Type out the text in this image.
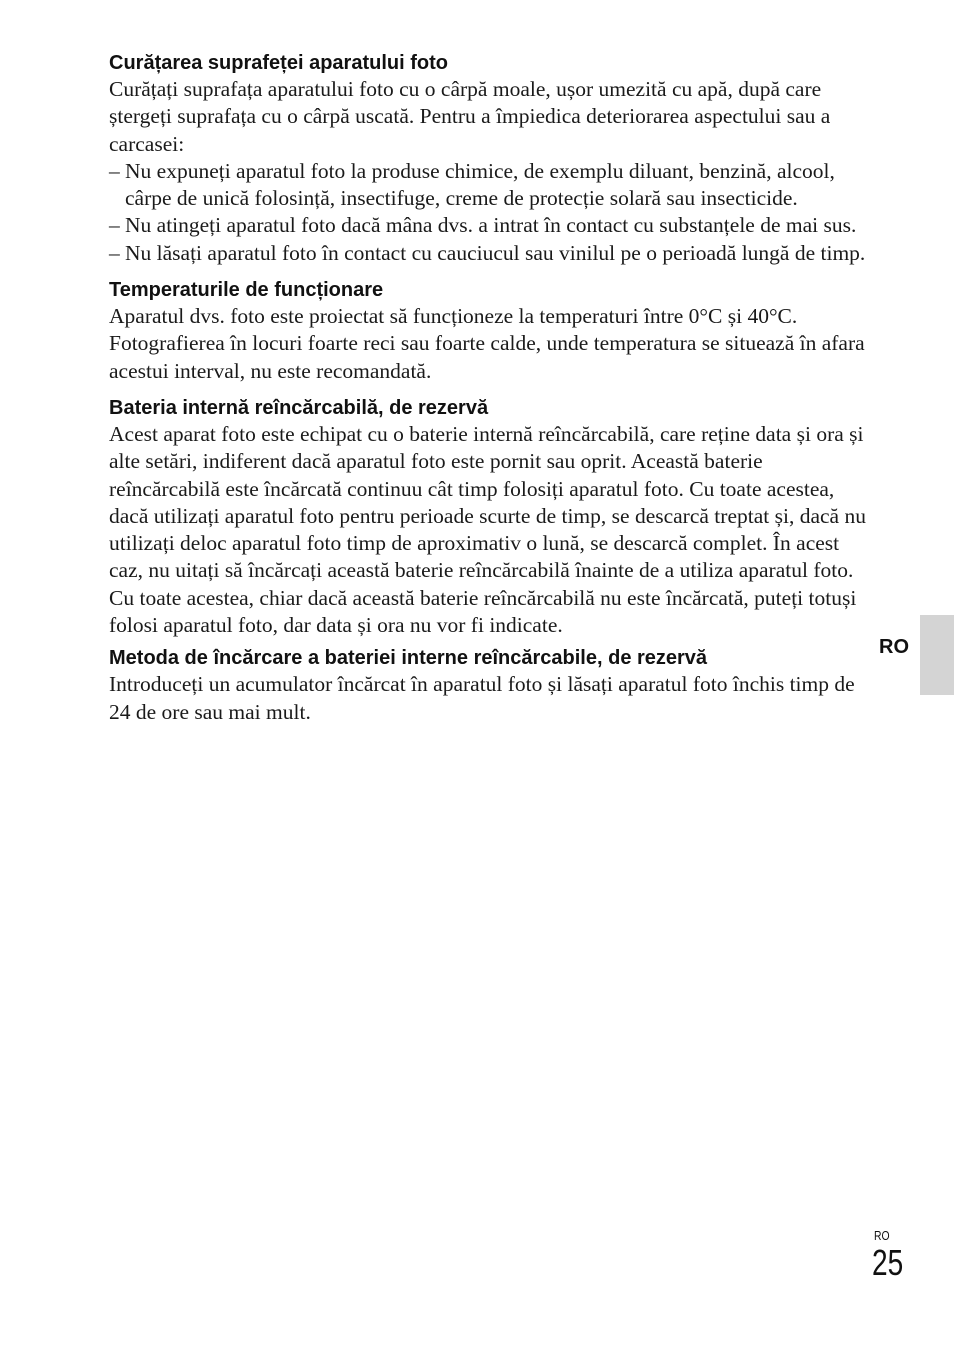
Curățarea suprafeței aparatului foto

Curățați suprafața aparatului foto cu o cârpă moale, ușor umezită cu apă, după care ștergeți suprafața cu o cârpă uscată. Pentru a împiedica deteriorarea aspectului sau a carcasei:

– Nu expuneți aparatul foto la produse chimice, de exemplu diluant, benzină, alcool, cârpe de unică folosință, insectifuge, creme de protecție solară sau insecticide.
– Nu atingeți aparatul foto dacă mâna dvs. a intrat în contact cu substanțele de mai sus.
– Nu lăsați aparatul foto în contact cu cauciucul sau vinilul pe o perioadă lungă de timp.
Temperaturile de funcționare

Aparatul dvs. foto este proiectat să funcționeze la temperaturi între 0°C și 40°C. Fotografierea în locuri foarte reci sau foarte calde, unde temperatura se situează în afara acestui interval, nu este recomandată.

Bateria internă reîncărcabilă, de rezervă

Acest aparat foto este echipat cu o baterie internă reîncărcabilă, care reține data și ora și alte setări, indiferent dacă aparatul foto este pornit sau oprit. Această baterie reîncărcabilă este încărcată continuu cât timp folosiți aparatul foto. Cu toate acestea, dacă utilizați aparatul foto pentru perioade scurte de timp, se descarcă treptat și, dacă nu utilizați deloc aparatul foto timp de aproximativ o lună, se descarcă complet. În acest caz, nu uitați să încărcați această baterie reîncărcabilă înainte de a utiliza aparatul foto.

Cu toate acestea, chiar dacă această baterie reîncărcabilă nu este încărcată, puteți totuși folosi aparatul foto, dar data și ora nu vor fi indicate.

Metoda de încărcare a bateriei interne reîncărcabile, de rezervă

Introduceți un acumulator încărcat în aparatul foto și lăsați aparatul foto închis timp de 24 de ore sau mai mult.

RO
RO
25
